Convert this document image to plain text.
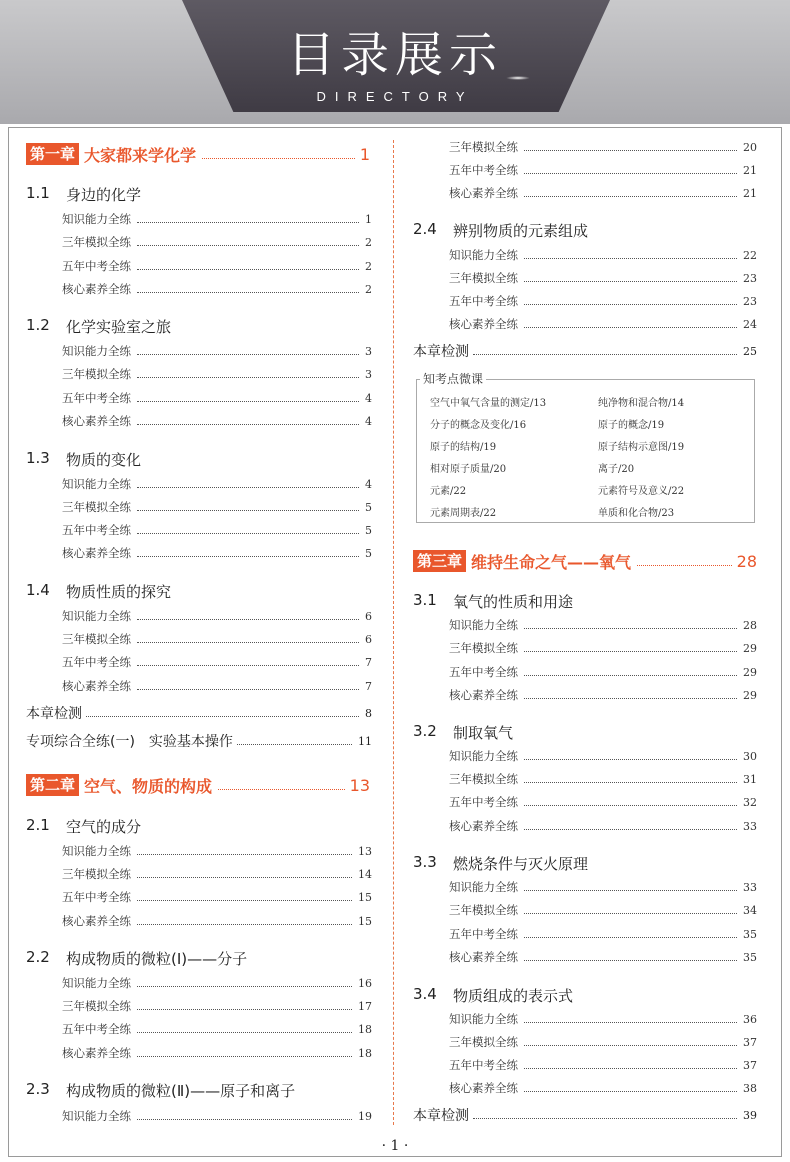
目录展示
DIRECTORY
第一章 大家都来学化学	1
第二章 空气、物质的构成	13
第三章 维持生命之气——氧气	28
1.1	身边的化学
1.2	化学实验室之旅
1.3	物质的变化
1.4	物质性质的探究
2.1	空气的成分
2.2	构成物质的微粒(Ⅰ)——分子
2.3	构成物质的微粒(Ⅱ)——原子和离子
2.4	辨别物质的元素组成
3.1	氧气的性质和用途
3.2	制取氧气
3.3	燃烧条件与灭火原理
3.4	物质组成的表示式
知识能力全练	1
三年模拟全练	2
五年中考全练	2
核心素养全练	2
知识能力全练	3
三年模拟全练	3
五年中考全练	4
核心素养全练	4
知识能力全练	4
三年模拟全练	5
五年中考全练	5
核心素养全练	5
知识能力全练	6
三年模拟全练	6
五年中考全练	7
核心素养全练	7
本章检测	8
专项综合全练(一)　实验基本操作	11
知识能力全练	13
三年模拟全练	14
五年中考全练	15
核心素养全练	15
知识能力全练	16
三年模拟全练	17
五年中考全练	18
核心素养全练	18
知识能力全练	19
三年模拟全练	20
五年中考全练	21
核心素养全练	21
知识能力全练	22
三年模拟全练	23
五年中考全练	23
核心素养全练	24
本章检测	25
知考点微课
空气中氧气含量的测定/13	纯净物和混合物/14
分子的概念及变化/16	原子的概念/19
原子的结构/19	原子结构示意图/19
相对原子质量/20	离子/20
元素/22	元素符号及意义/22
元素周期表/22	单质和化合物/23
知识能力全练	28
三年模拟全练	29
五年中考全练	29
核心素养全练	29
知识能力全练	30
三年模拟全练	31
五年中考全练	32
核心素养全练	33
知识能力全练	33
三年模拟全练	34
五年中考全练	35
核心素养全练	35
知识能力全练	36
三年模拟全练	37
五年中考全练	37
核心素养全练	38
本章检测	39
· 1 ·
